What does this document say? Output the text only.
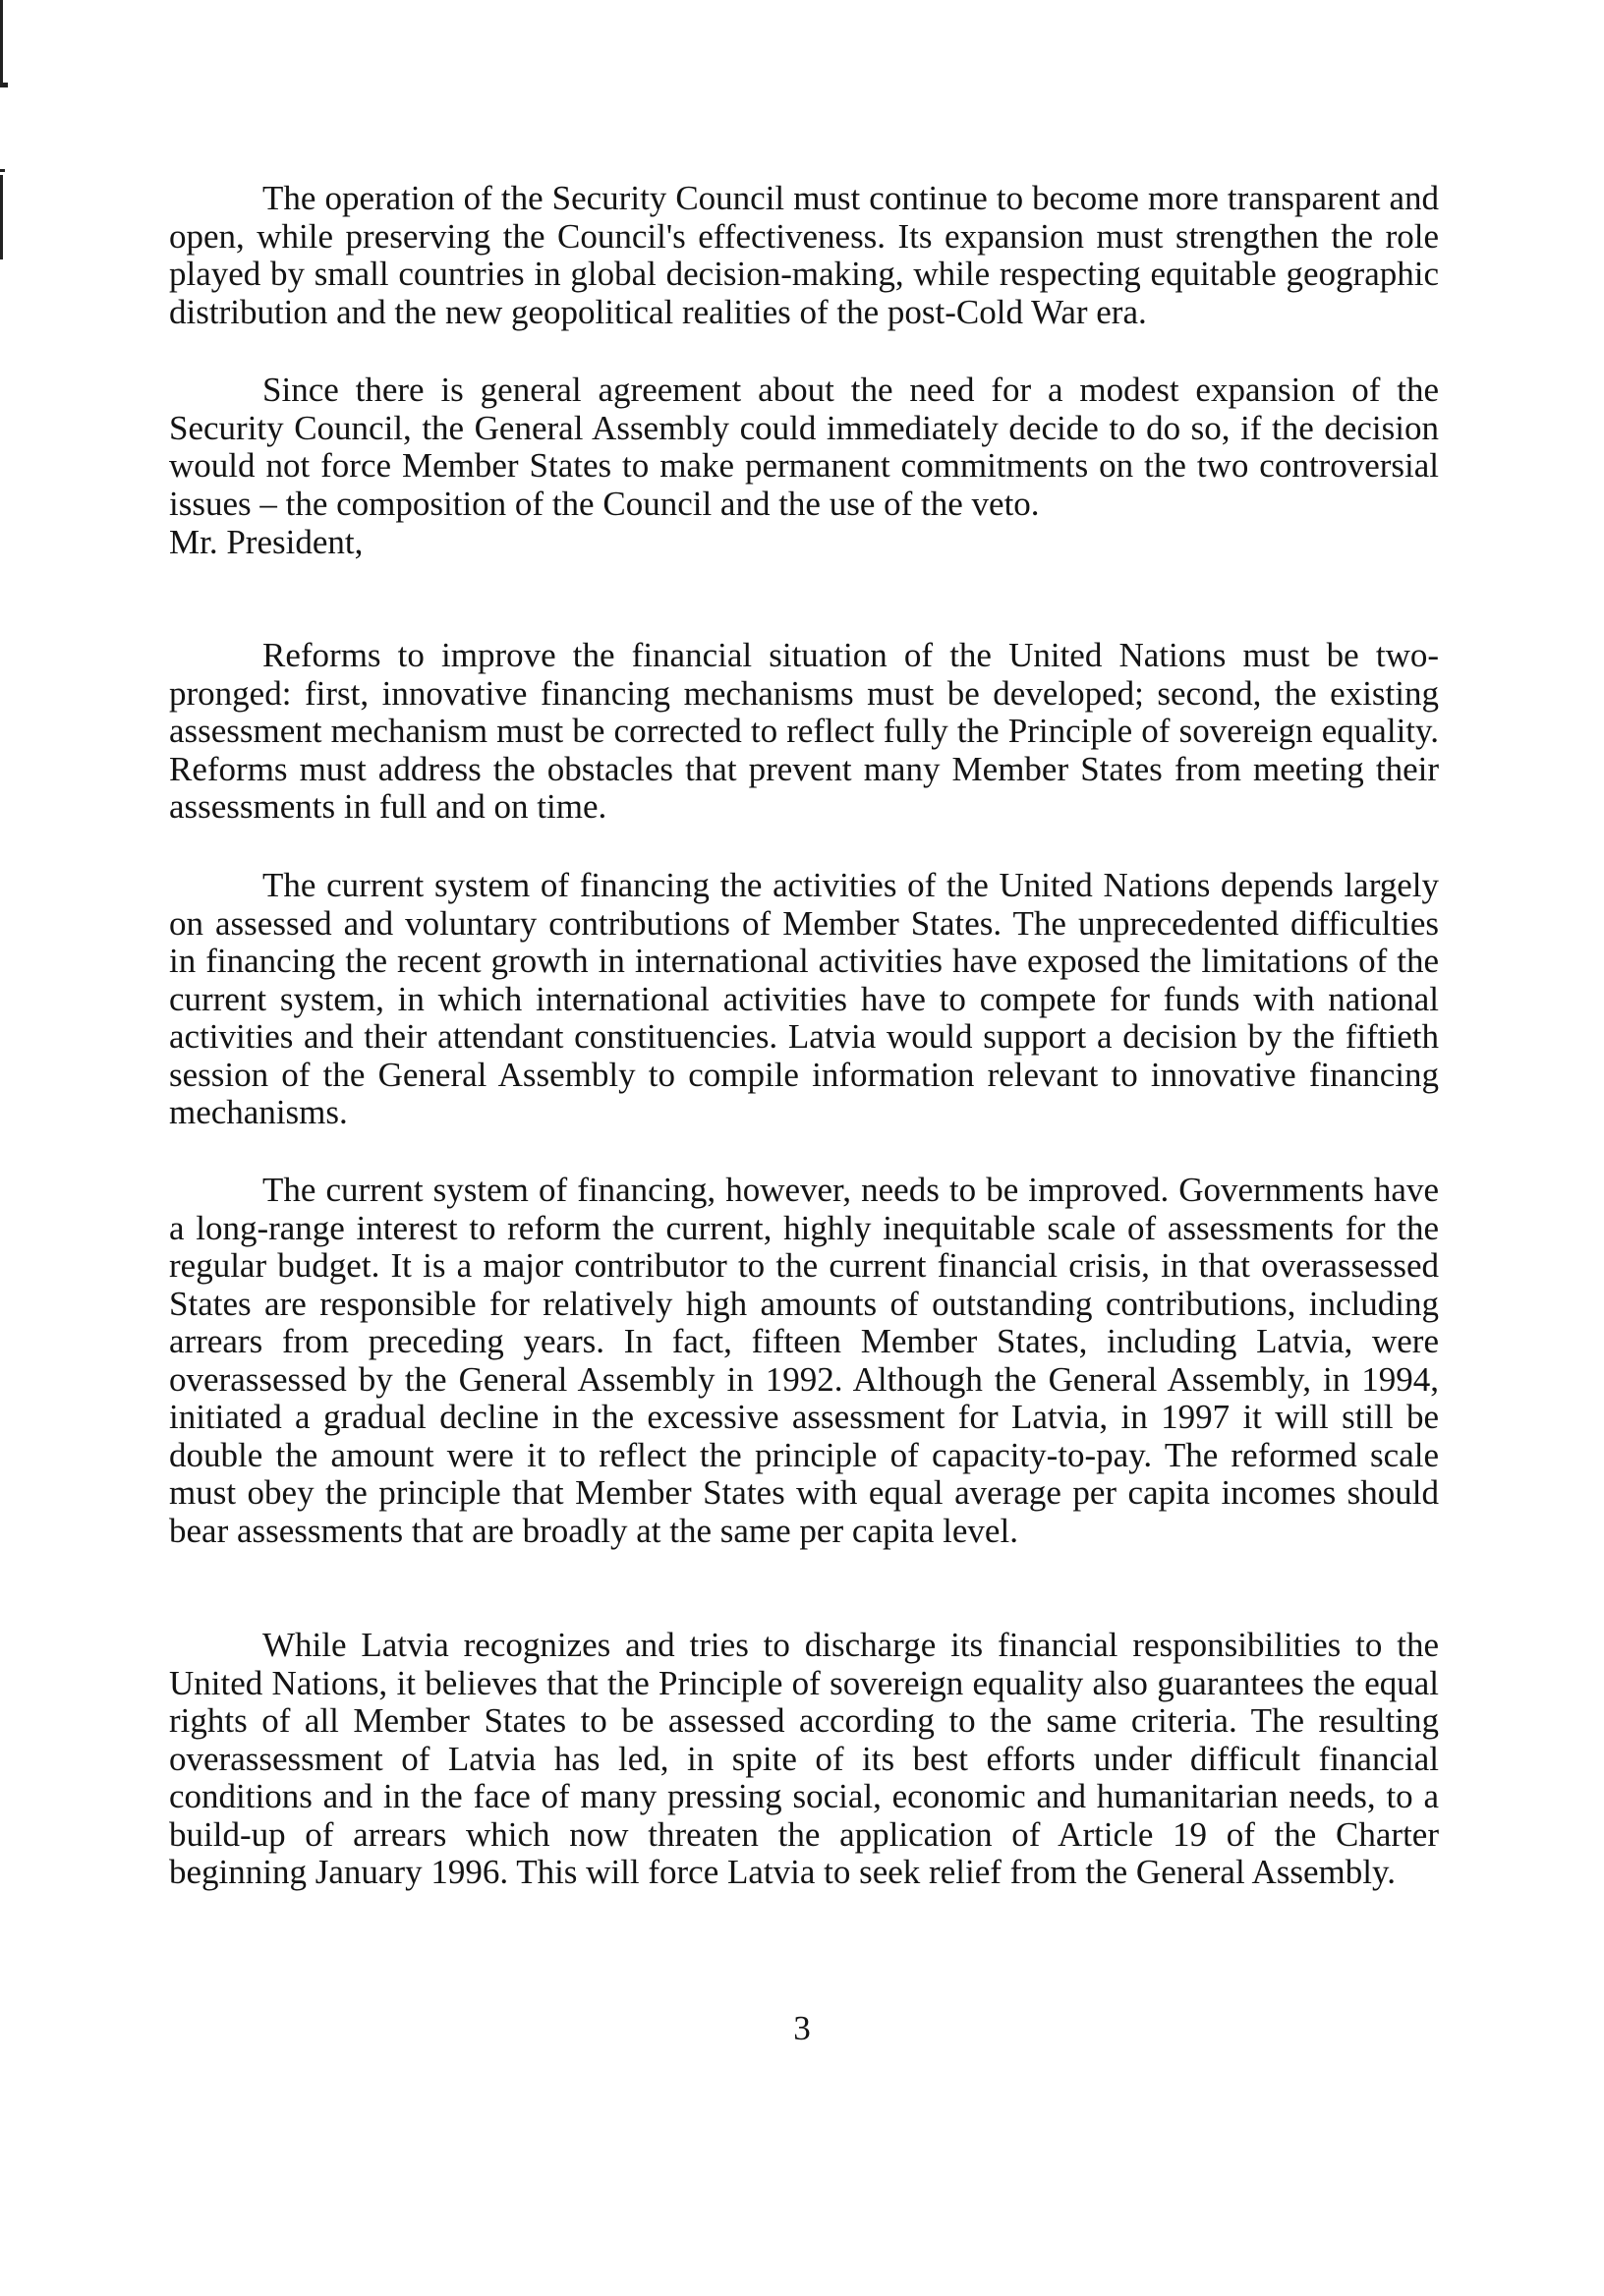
The operation of the Security Council must continue to become more transparent and open, while preserving the Council's effectiveness. Its expansion must strengthen the role played by small countries in global decision-making, while respecting equitable geographic distribution and the new geopolitical realities of the post-Cold War era.

Since there is general agreement about the need for a modest expansion of the Security Council, the General Assembly could immediately decide to do so, if the decision would not force Member States to make permanent commitments on the two controversial issues – the composition of the Council and the use of the veto.

Mr. President,

Reforms to improve the financial situation of the United Nations must be two-pronged: first, innovative financing mechanisms must be developed; second, the existing assessment mechanism must be corrected to reflect fully the Principle of sovereign equality. Reforms must address the obstacles that prevent many Member States from meeting their assessments in full and on time.

The current system of financing the activities of the United Nations depends largely on assessed and voluntary contributions of Member States. The unprecedented difficulties in financing the recent growth in international activities have exposed the limitations of the current system, in which international activities have to compete for funds with national activities and their attendant constituencies. Latvia would support a decision by the fiftieth session of the General Assembly to compile information relevant to innovative financing mechanisms.

The current system of financing, however, needs to be improved. Governments have a long-range interest to reform the current, highly inequitable scale of assessments for the regular budget. It is a major contributor to the current financial crisis, in that overassessed States are responsible for relatively high amounts of outstanding contributions, including arrears from preceding years. In fact, fifteen Member States, including Latvia, were overassessed by the General Assembly in 1992. Although the General Assembly, in 1994, initiated a gradual decline in the excessive assessment for Latvia, in 1997 it will still be double the amount were it to reflect the principle of capacity-to-pay. The reformed scale must obey the principle that Member States with equal average per capita incomes should bear assessments that are broadly at the same per capita level.

While Latvia recognizes and tries to discharge its financial responsibilities to the United Nations, it believes that the Principle of sovereign equality also guarantees the equal rights of all Member States to be assessed according to the same criteria. The resulting overassessment of Latvia has led, in spite of its best efforts under difficult financial conditions and in the face of many pressing social, economic and humanitarian needs, to a build-up of arrears which now threaten the application of Article 19 of the Charter beginning January 1996. This will force Latvia to seek relief from the General Assembly.

3
